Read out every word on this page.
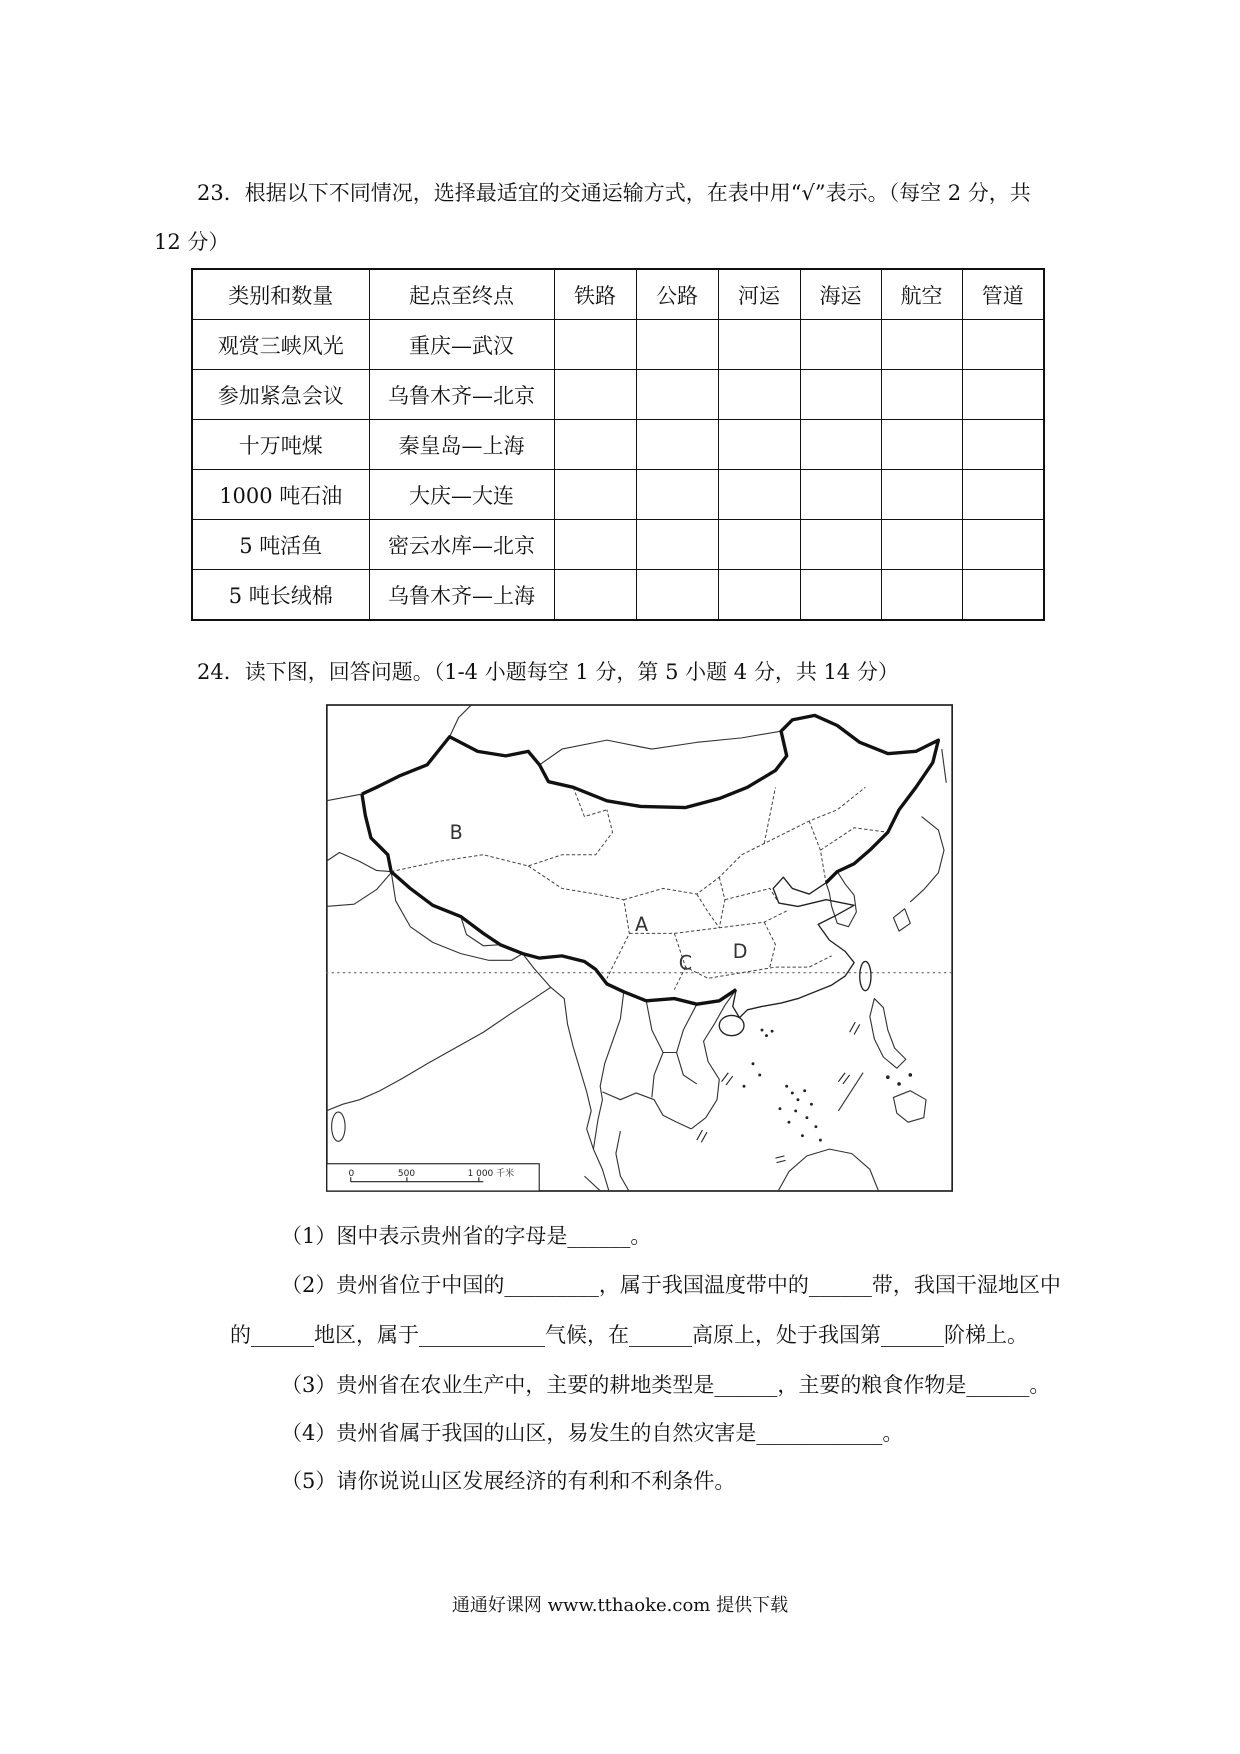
23．根据以下不同情况，选择最适宜的交通运输方式，在表中用“√”表示。（每空 2 分，共
12 分）
类别和数量	起点至终点	铁路	公路	河运	海运	航空	管道
观赏三峡风光	重庆—武汉						
参加紧急会议	乌鲁木齐—北京						
十万吨煤	秦皇岛—上海						
1000 吨石油	大庆—大连						
5 吨活鱼	密云水库—北京						
5 吨长绒棉	乌鲁木齐—上海						
24．读下图，回答问题。（1-4 小题每空 1 分，第 5 小题 4 分，共 14 分）
B
A
C D
0	500	1 000 千米
（1）图中表示贵州省的字母是______。
（2）贵州省位于中国的_________，属于我国温度带中的______带，我国干湿地区中
的______地区，属于____________气候，在______高原上，处于我国第______阶梯上。
（3）贵州省在农业生产中，主要的耕地类型是______，主要的粮食作物是______。
（4）贵州省属于我国的山区，易发生的自然灾害是____________。
（5）请你说说山区发展经济的有利和不利条件。
通通好课网 www.tthaoke.com 提供下载
